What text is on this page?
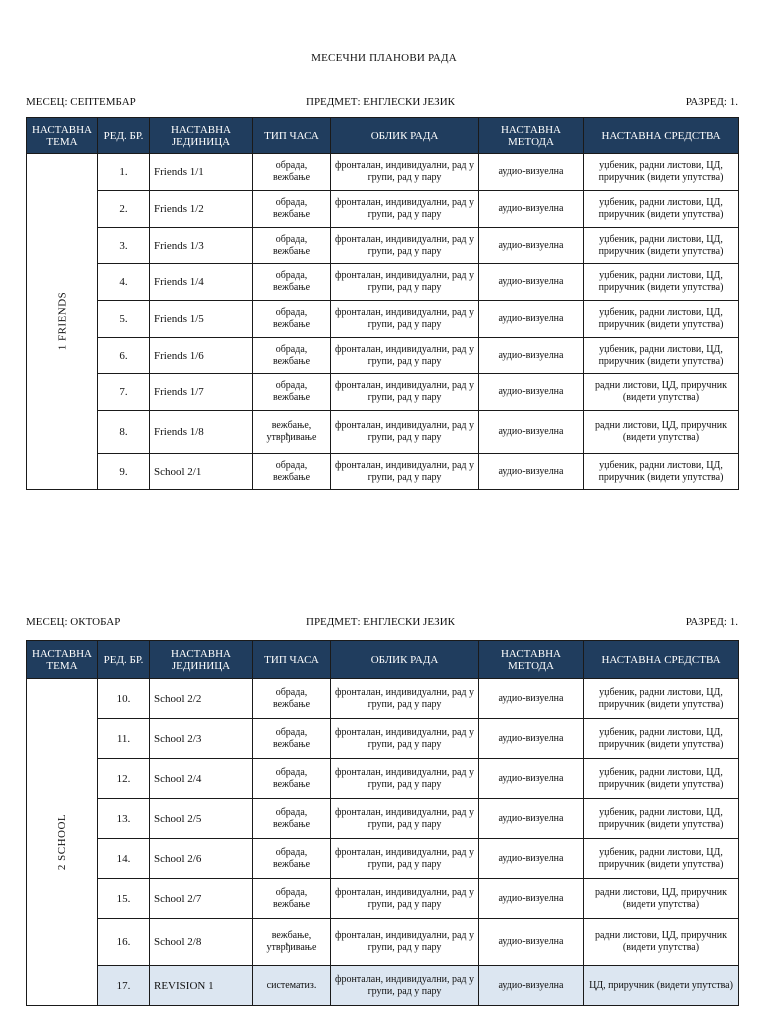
МЕСЕЧНИ ПЛАНОВИ РАДА
МЕСЕЦ: СЕПТЕМБАР	ПРЕДМЕТ: ЕНГЛЕСКИ ЈЕЗИК	РАЗРЕД: 1.
НАСТАВНА ТЕМА	РЕД. БР.	НАСТАВНА ЈЕДИНИЦА	ТИП ЧАСА	ОБЛИК РАДА	НАСТАВНА МЕТОДА	НАСТАВНА СРЕДСТВА
1 FRIENDS	1.	Friends 1/1	обрада, вежбање	фронталан, индивидуални, рад у групи, рад у пару	аудио-визуелна	уџбеник, радни листови, ЦД, приручник (видети упутства)
	2.	Friends 1/2	обрада, вежбање	фронталан, индивидуални, рад у групи, рад у пару	аудио-визуелна	уџбеник, радни листови, ЦД, приручник (видети упутства)
	3.	Friends 1/3	обрада, вежбање	фронталан, индивидуални, рад у групи, рад у пару	аудио-визуелна	уџбеник, радни листови, ЦД, приручник (видети упутства)
	4.	Friends 1/4	обрада, вежбање	фронталан, индивидуални, рад у групи, рад у пару	аудио-визуелна	уџбеник, радни листови, ЦД, приручник (видети упутства)
	5.	Friends 1/5	обрада, вежбање	фронталан, индивидуални, рад у групи, рад у пару	аудио-визуелна	уџбеник, радни листови, ЦД, приручник (видети упутства)
	6.	Friends 1/6	обрада, вежбање	фронталан, индивидуални, рад у групи, рад у пару	аудио-визуелна	уџбеник, радни листови, ЦД, приручник (видети упутства)
	7.	Friends 1/7	обрада, вежбање	фронталан, индивидуални, рад у групи, рад у пару	аудио-визуелна	радни листови, ЦД, приручник (видети упутства)
	8.	Friends 1/8	вежбање, утврђивање	фронталан, индивидуални, рад у групи, рад у пару	аудио-визуелна	радни листови, ЦД, приручник (видети упутства)
	9.	School 2/1	обрада, вежбање	фронталан, индивидуални, рад у групи, рад у пару	аудио-визуелна	уџбеник, радни листови, ЦД, приручник (видети упутства)
МЕСЕЦ: ОКТОБАР	ПРЕДМЕТ: ЕНГЛЕСКИ ЈЕЗИК	РАЗРЕД: 1.
НАСТАВНА ТЕМА	РЕД. БР.	НАСТАВНА ЈЕДИНИЦА	ТИП ЧАСА	ОБЛИК РАДА	НАСТАВНА МЕТОДА	НАСТАВНА СРЕДСТВА
2 SCHOOL	10.	School 2/2	обрада, вежбање	фронталан, индивидуални, рад у групи, рад у пару	аудио-визуелна	уџбеник, радни листови, ЦД, приручник (видети упутства)
	11.	School 2/3	обрада, вежбање	фронталан, индивидуални, рад у групи, рад у пару	аудио-визуелна	уџбеник, радни листови, ЦД, приручник (видети упутства)
	12.	School 2/4	обрада, вежбање	фронталан, индивидуални, рад у групи, рад у пару	аудио-визуелна	уџбеник, радни листови, ЦД, приручник (видети упутства)
	13.	School 2/5	обрада, вежбање	фронталан, индивидуални, рад у групи, рад у пару	аудио-визуелна	уџбеник, радни листови, ЦД, приручник (видети упутства)
	14.	School 2/6	обрада, вежбање	фронталан, индивидуални, рад у групи, рад у пару	аудио-визуелна	уџбеник, радни листови, ЦД, приручник (видети упутства)
	15.	School 2/7	обрада, вежбање	фронталан, индивидуални, рад у групи, рад у пару	аудио-визуелна	радни листови, ЦД, приручник (видети упутства)
	16.	School 2/8	вежбање, утврђивање	фронталан, индивидуални, рад у групи, рад у пару	аудио-визуелна	радни листови, ЦД, приручник (видети упутства)
	17.	REVISION 1	систематиз.	фронталан, индивидуални, рад у групи, рад у пару	аудио-визуелна	ЦД, приручник (видети упутства)
